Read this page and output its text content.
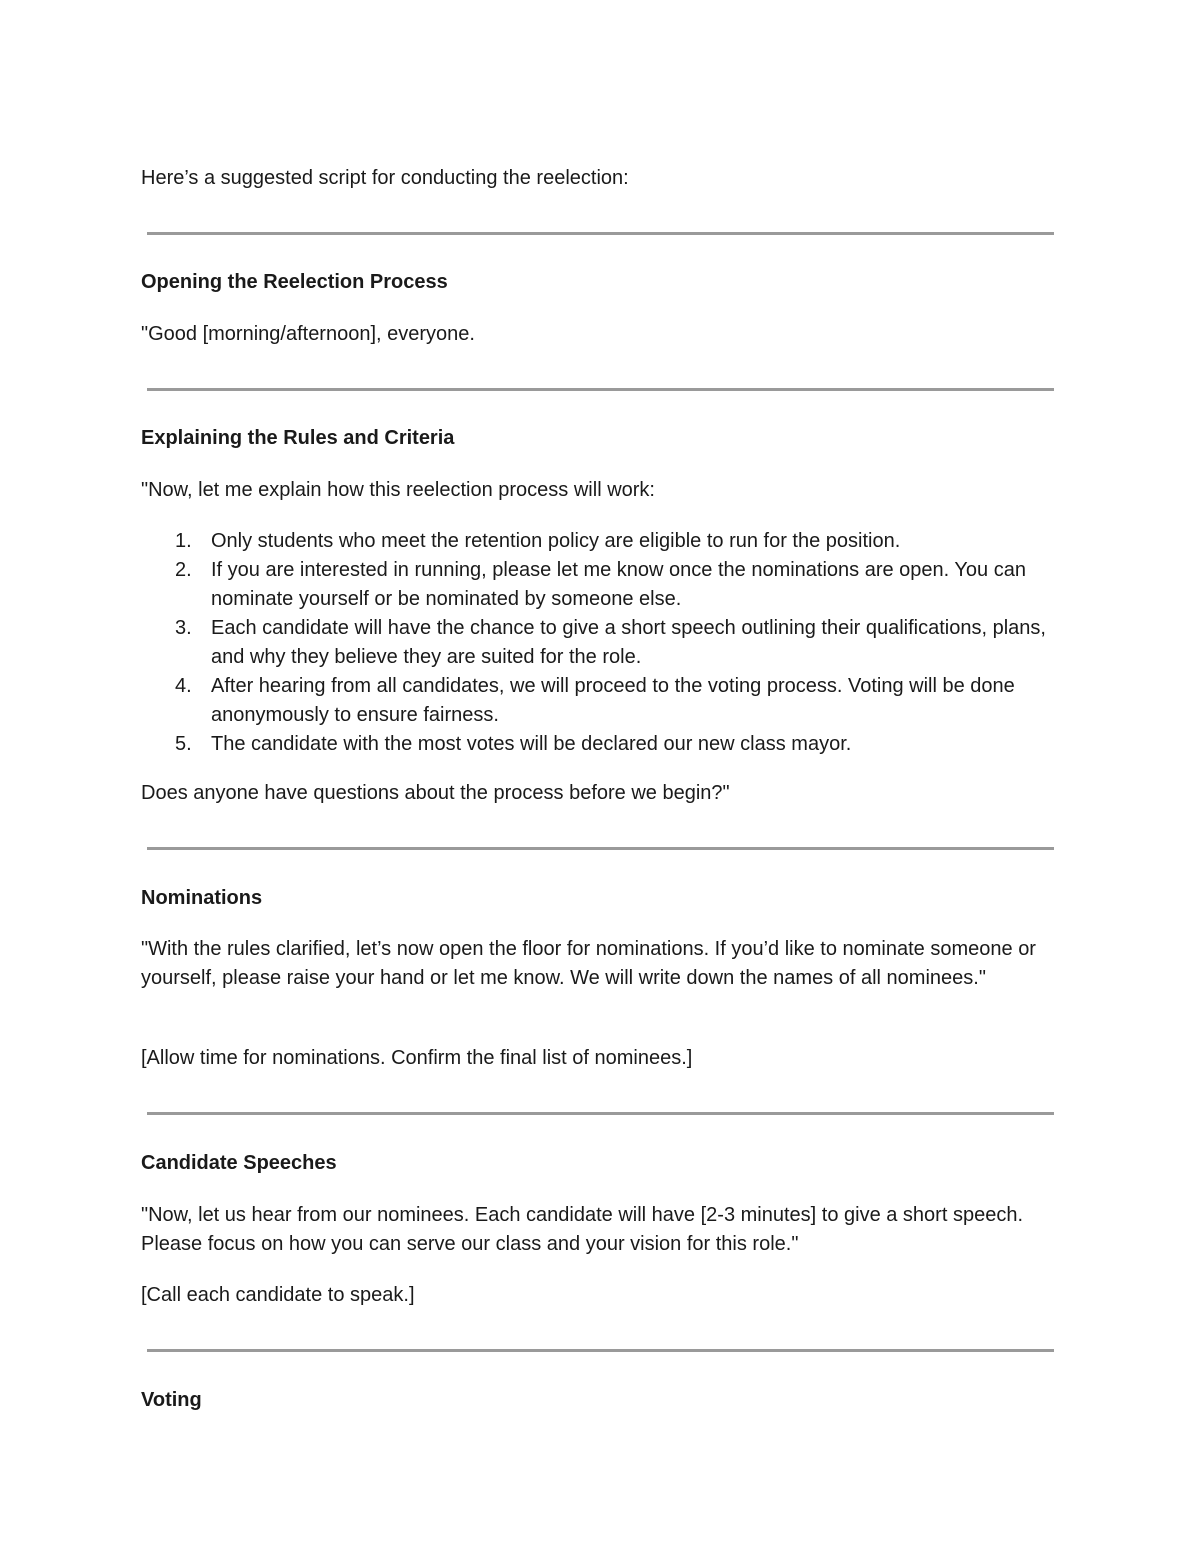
Here’s a suggested script for conducting the reelection:

Opening the Reelection Process

"Good [morning/afternoon], everyone.

Explaining the Rules and Criteria

"Now, let me explain how this reelection process will work:

1. Only students who meet the retention policy are eligible to run for the position.
2. If you are interested in running, please let me know once the nominations are open. You can nominate yourself or be nominated by someone else.
3. Each candidate will have the chance to give a short speech outlining their qualifications, plans, and why they believe they are suited for the role.
4. After hearing from all candidates, we will proceed to the voting process. Voting will be done anonymously to ensure fairness.
5. The candidate with the most votes will be declared our new class mayor.

Does anyone have questions about the process before we begin?"

Nominations

"With the rules clarified, let’s now open the floor for nominations. If you’d like to nominate someone or yourself, please raise your hand or let me know. We will write down the names of all nominees."

[Allow time for nominations. Confirm the final list of nominees.]

Candidate Speeches

"Now, let us hear from our nominees. Each candidate will have [2-3 minutes] to give a short speech. Please focus on how you can serve our class and your vision for this role."

[Call each candidate to speak.]

Voting
